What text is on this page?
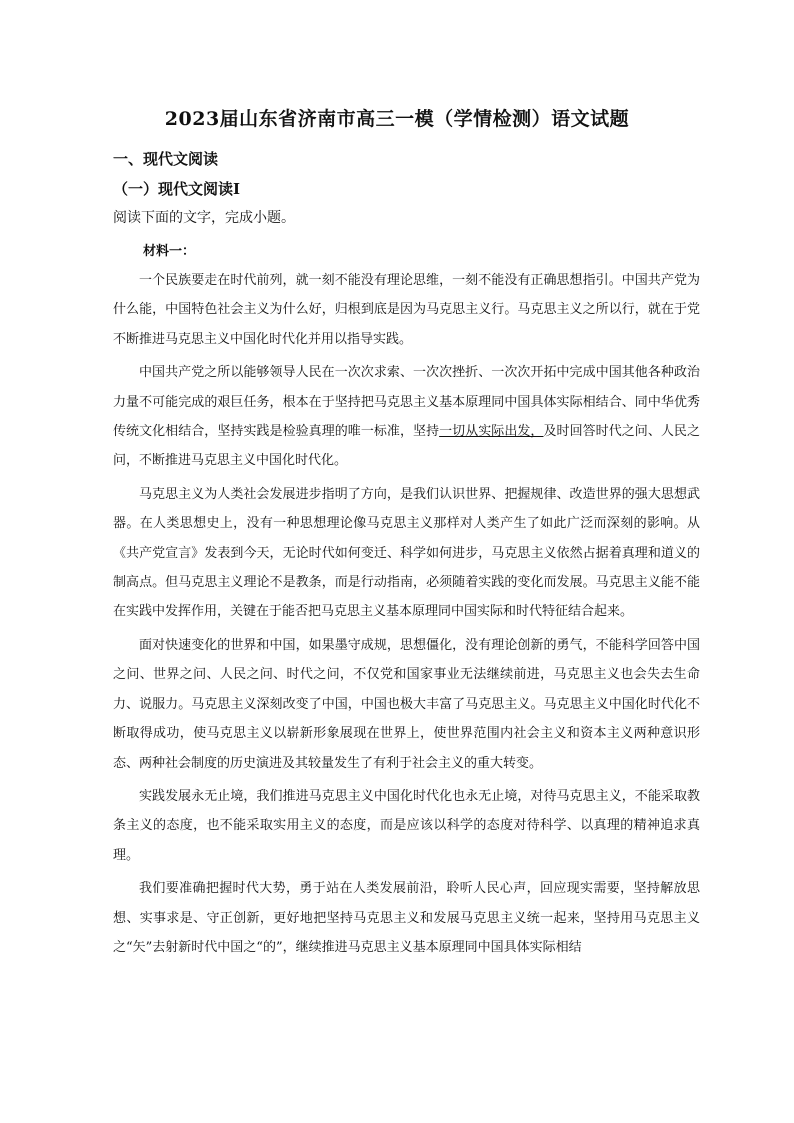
2023届山东省济南市高三一模（学情检测）语文试题
一、现代文阅读
（一）现代文阅读Ⅰ
阅读下面的文字，完成小题。
材料一：

一个民族要走在时代前列，就一刻不能没有理论思维，一刻不能没有正确思想指引。中国共产党为什么能，中国特色社会主义为什么好，归根到底是因为马克思主义行。马克思主义之所以行，就在于党不断推进马克思主义中国化时代化并用以指导实践。

中国共产党之所以能够领导人民在一次次求索、一次次挫折、一次次开拓中完成中国其他各种政治力量不可能完成的艰巨任务，根本在于坚持把马克思主义基本原理同中国具体实际相结合、同中华优秀传统文化相结合，坚持实践是检验真理的唯一标准，坚持一切从实际出发，及时回答时代之问、人民之问，不断推进马克思主义中国化时代化。

马克思主义为人类社会发展进步指明了方向，是我们认识世界、把握规律、改造世界的强大思想武器。在人类思想史上，没有一种思想理论像马克思主义那样对人类产生了如此广泛而深刻的影响。从《共产党宣言》发表到今天，无论时代如何变迁、科学如何进步，马克思主义依然占据着真理和道义的制高点。但马克思主义理论不是教条，而是行动指南，必须随着实践的变化而发展。马克思主义能不能在实践中发挥作用，关键在于能否把马克思主义基本原理同中国实际和时代特征结合起来。

面对快速变化的世界和中国，如果墨守成规，思想僵化，没有理论创新的勇气，不能科学回答中国之问、世界之问、人民之问、时代之问，不仅党和国家事业无法继续前进，马克思主义也会失去生命力、说服力。马克思主义深刻改变了中国，中国也极大丰富了马克思主义。马克思主义中国化时代化不断取得成功，使马克思主义以崭新形象展现在世界上，使世界范围内社会主义和资本主义两种意识形态、两种社会制度的历史演进及其较量发生了有利于社会主义的重大转变。

实践发展永无止境，我们推进马克思主义中国化时代化也永无止境，对待马克思主义，不能采取教条主义的态度，也不能采取实用主义的态度，而是应该以科学的态度对待科学、以真理的精神追求真理。

我们要准确把握时代大势，勇于站在人类发展前沿，聆听人民心声，回应现实需要，坚持解放思想、实事求是、守正创新，更好地把坚持马克思主义和发展马克思主义统一起来，坚持用马克思主义之“矢”去射新时代中国之“的”，继续推进马克思主义基本原理同中国具体实际相结
